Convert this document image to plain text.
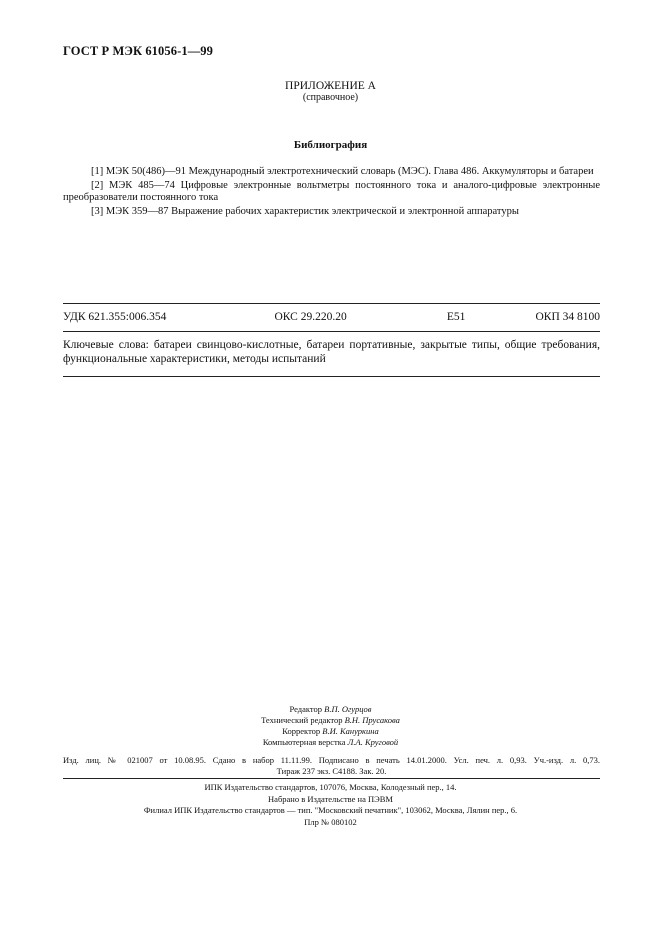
ГОСТ Р МЭК 61056-1—99
ПРИЛОЖЕНИЕ А
(справочное)
Библиография

[1] МЭК 50(486)—91 Международный электротехнический словарь (МЭС). Глава 486. Аккумуляторы и батареи

[2] МЭК 485—74 Цифровые электронные вольтметры постоянного тока и аналого-цифровые электронные преобразователи постоянного тока

[3] МЭК 359—87 Выражение рабочих характеристик электрической и электронной аппаратуры

УДК 621.355:006.354	ОКС 29.220.20	Е51	ОКП 34 8100
Ключевые слова: батареи свинцово-кислотные, батареи портативные, закрытые типы, общие требования, функциональные характеристики, методы испытаний
Редактор В.П. Огурцов
Технический редактор В.Н. Прусакова
Корректор В.И. Кануркина
Компьютерная верстка Л.А. Круговой
Изд. лиц. № 021007 от 10.08.95. Сдано в набор 11.11.99. Подписано в печать 14.01.2000. Усл. печ. л. 0,93. Уч.-изд. л. 0,73.
Тираж 237 экз. С4188. Зак. 20.
ИПК Издательство стандартов, 107076, Москва, Колодезный пер., 14.
Набрано в Издательстве на ПЭВМ
Филиал ИПК Издательство стандартов — тип. "Московский печатник", 103062, Москва, Лялин пер., 6.
Плр № 080102
